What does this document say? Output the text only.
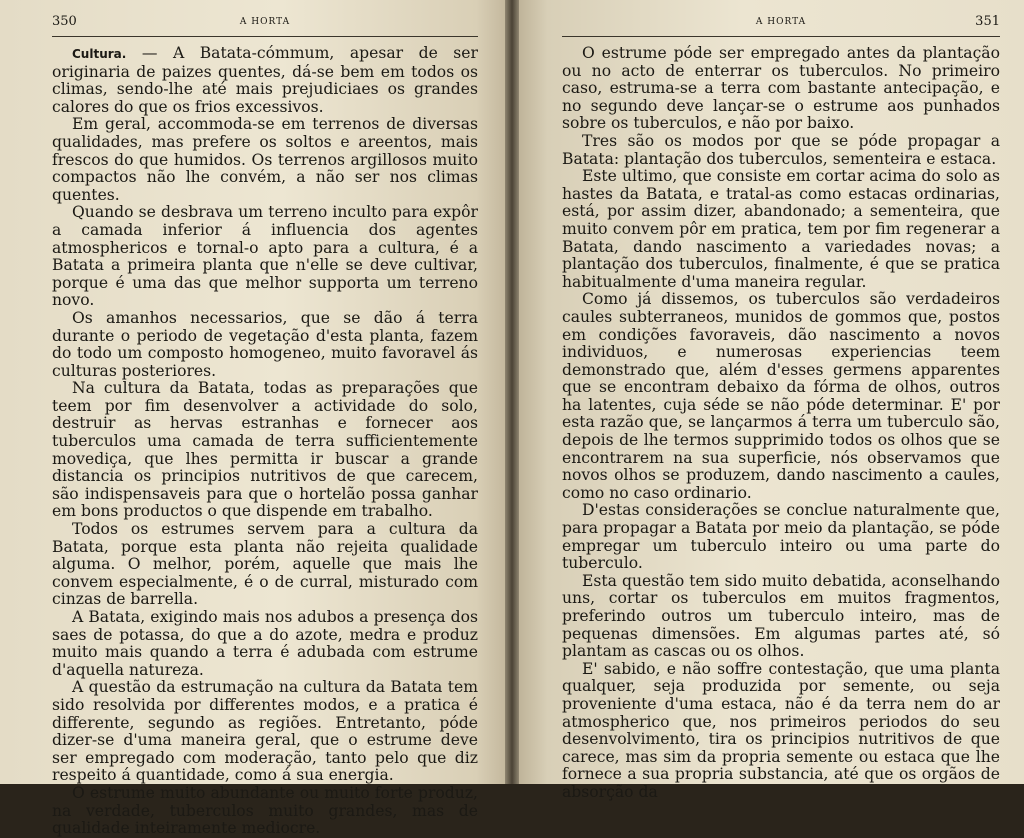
350	A HORTA

Cultura. — A Batata-cómmum, apesar de ser originaria de paizes quentes, dá-se bem em todos os climas, sendo-lhe até mais prejudiciaes os grandes calores do que os frios excessivos.

Em geral, accommoda-se em terrenos de diversas qualidades, mas prefere os soltos e areentos, mais frescos do que humidos. Os terrenos argillosos muito compactos não lhe convém, a não ser nos climas quentes.

Quando se desbrava um terreno inculto para expôr a camada inferior á influencia dos agentes atmosphericos e tornal-o apto para a cultura, é a Batata a primeira planta que n'elle se deve cultivar, porque é uma das que melhor supporta um terreno novo.

Os amanhos necessarios, que se dão á terra durante o periodo de vegetação d'esta planta, fazem do todo um composto homogeneo, muito favoravel ás culturas posteriores.

Na cultura da Batata, todas as preparações que teem por fim desenvolver a actividade do solo, destruir as hervas estranhas e fornecer aos tuberculos uma camada de terra sufficientemente movediça, que lhes permitta ir buscar a grande distancia os principios nutritivos de que carecem, são indispensaveis para que o hortelão possa ganhar em bons productos o que dispende em trabalho.

Todos os estrumes servem para a cultura da Batata, porque esta planta não rejeita qualidade alguma. O melhor, porém, aquelle que mais lhe convem especialmente, é o de curral, misturado com cinzas de barrella.

A Batata, exigindo mais nos adubos a presença dos saes de potassa, do que a do azote, medra e produz muito mais quando a terra é adubada com estrume d'aquella natureza.

A questão da estrumação na cultura da Batata tem sido resolvida por differentes modos, e a pratica é differente, segundo as regiões. Entretanto, póde dizer-se d'uma maneira geral, que o estrume deve ser empregado com moderação, tanto pelo que diz respeito á quantidade, como á sua energia.

O estrume muito abundante ou muito forte produz, na verdade, tuberculos muito grandes, mas de qualidade inteiramente mediocre.

A HORTA	351

O estrume póde ser empregado antes da plantação ou no acto de enterrar os tuberculos. No primeiro caso, estruma-se a terra com bastante antecipação, e no segundo deve lançar-se o estrume aos punhados sobre os tuberculos, e não por baixo.

Tres são os modos por que se póde propagar a Batata: plantação dos tuberculos, sementeira e estaca.

Este ultimo, que consiste em cortar acima do solo as hastes da Batata, e tratal-as como estacas ordinarias, está, por assim dizer, abandonado; a sementeira, que muito convem pôr em pratica, tem por fim regenerar a Batata, dando nascimento a variedades novas; a plantação dos tuberculos, finalmente, é que se pratica habitualmente d'uma maneira regular.

Como já dissemos, os tuberculos são verdadeiros caules subterraneos, munidos de gommos que, postos em condições favoraveis, dão nascimento a novos individuos, e numerosas experiencias teem demonstrado que, além d'esses germens apparentes que se encontram debaixo da fórma de olhos, outros ha latentes, cuja séde se não póde determinar. E' por esta razão que, se lançarmos á terra um tuberculo são, depois de lhe termos supprimido todos os olhos que se encontrarem na sua superficie, nós observamos que novos olhos se produzem, dando nascimento a caules, como no caso ordinario.

D'estas considerações se conclue naturalmente que, para propagar a Batata por meio da plantação, se póde empregar um tuberculo inteiro ou uma parte do tuberculo.

Esta questão tem sido muito debatida, aconselhando uns, cortar os tuberculos em muitos fragmentos, preferindo outros um tuberculo inteiro, mas de pequenas dimensões. Em algumas partes até, só plantam as cascas ou os olhos.

E' sabido, e não soffre contestação, que uma planta qualquer, seja produzida por semente, ou seja proveniente d'uma estaca, não é da terra nem do ar atmospherico que, nos primeiros periodos do seu desenvolvimento, tira os principios nutritivos de que carece, mas sim da propria semente ou estaca que lhe fornece a sua propria substancia, até que os orgãos de absorção da
